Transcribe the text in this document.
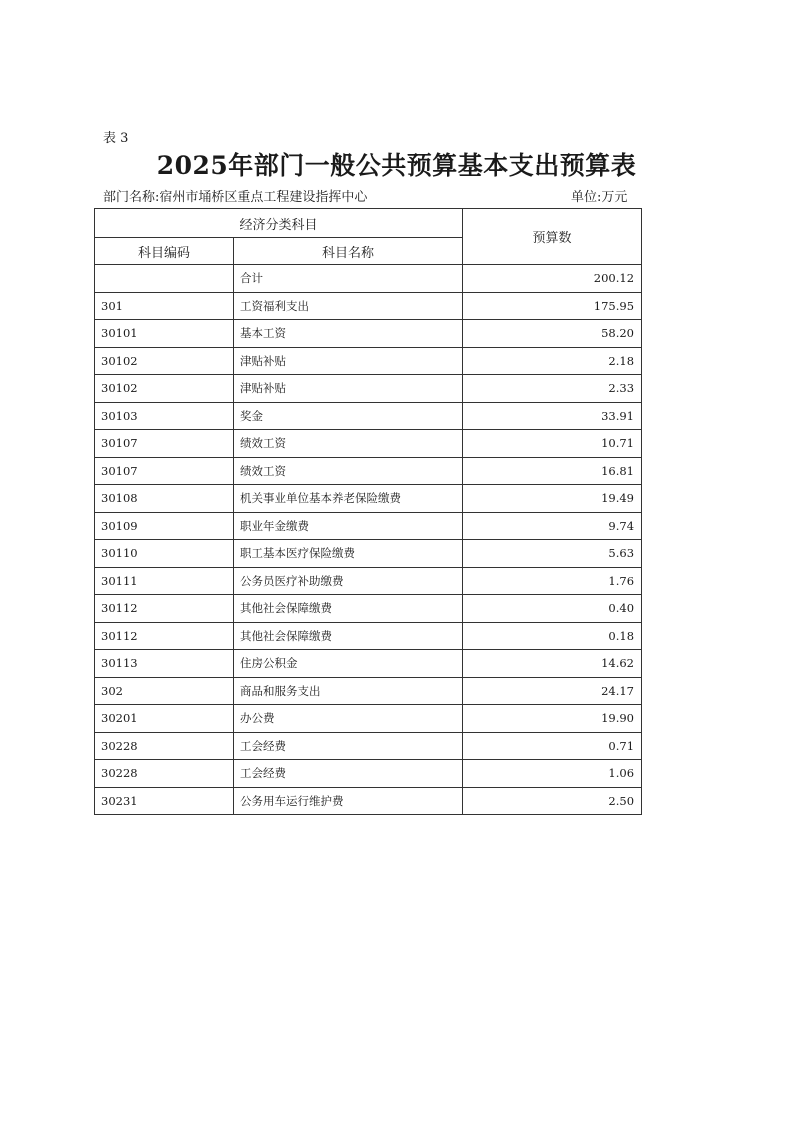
表 3
2025年部门一般公共预算基本支出预算表
部门名称:宿州市埇桥区重点工程建设指挥中心	单位:万元
经济分类科目		预算数
科目编码	科目名称	
	合计	200.12
301	工资福利支出	175.95
30101	基本工资	58.20
30102	津贴补贴	2.18
30102	津贴补贴	2.33
30103	奖金	33.91
30107	绩效工资	10.71
30107	绩效工资	16.81
30108	机关事业单位基本养老保险缴费	19.49
30109	职业年金缴费	9.74
30110	职工基本医疗保险缴费	5.63
30111	公务员医疗补助缴费	1.76
30112	其他社会保障缴费	0.40
30112	其他社会保障缴费	0.18
30113	住房公积金	14.62
302	商品和服务支出	24.17
30201	办公费	19.90
30228	工会经费	0.71
30228	工会经费	1.06
30231	公务用车运行维护费	2.50
